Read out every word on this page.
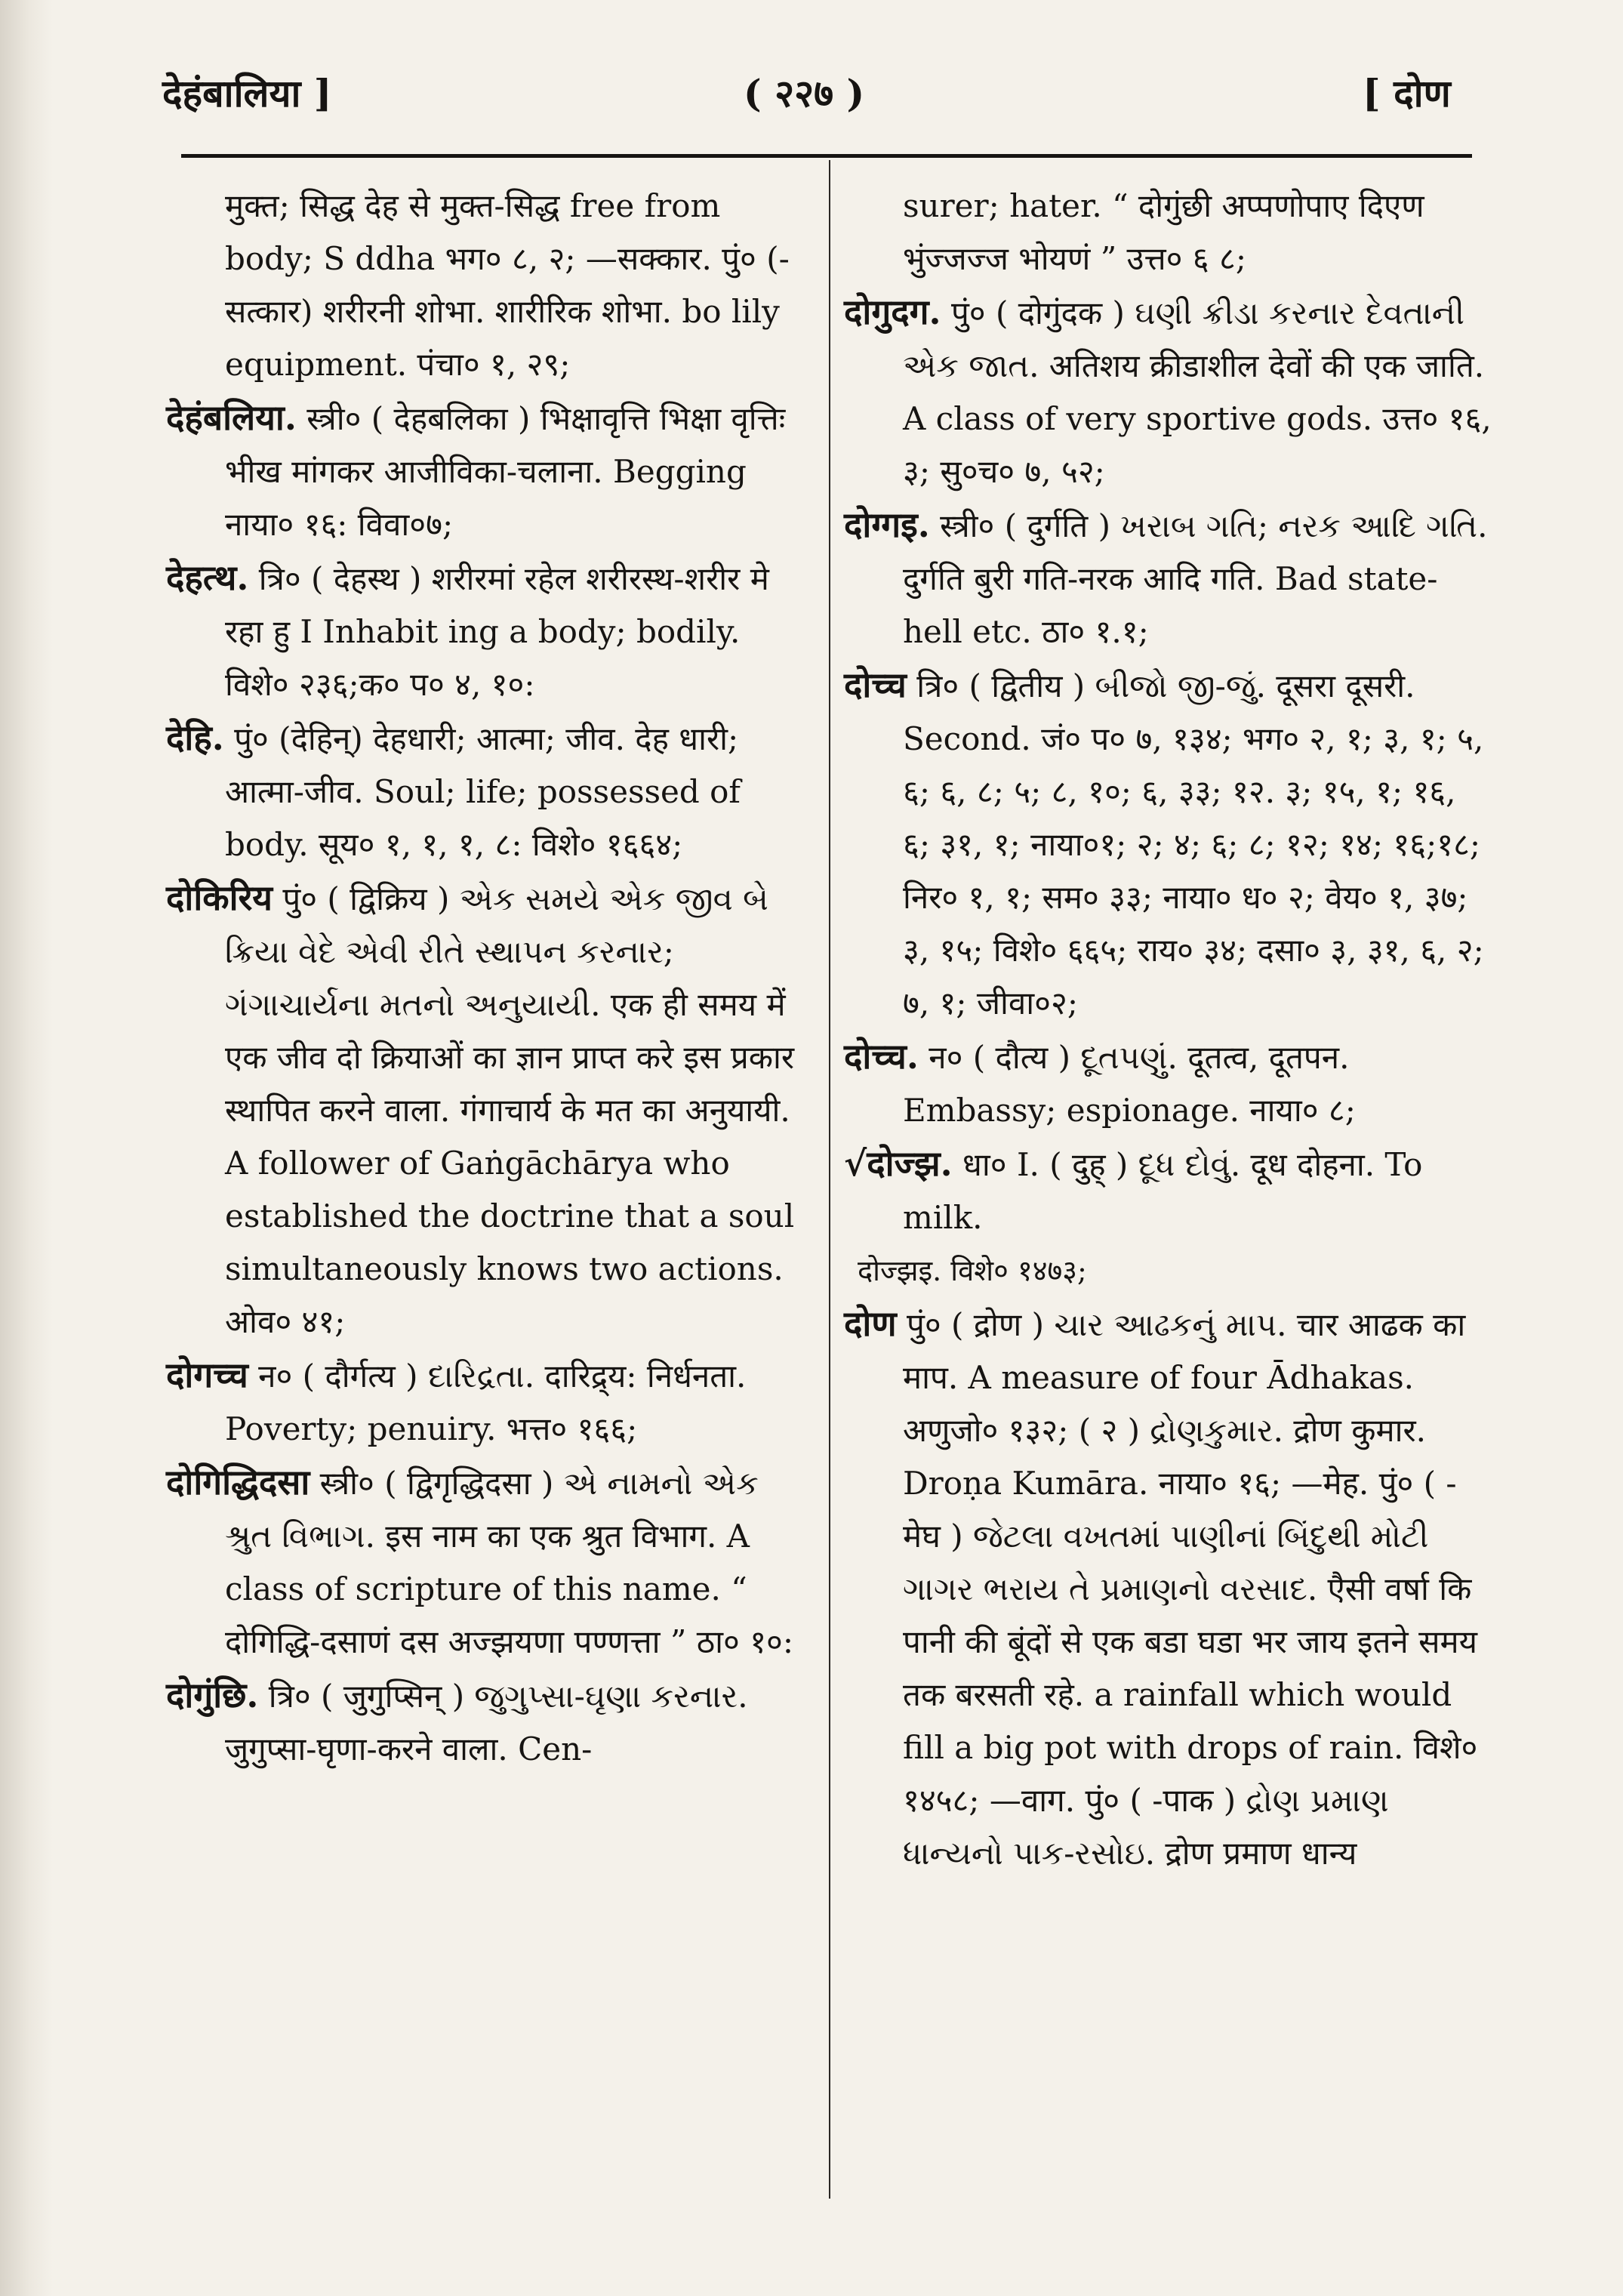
देहंबालिया ]	( २२७ )	[ दोण

मुक्त; सिद्ध देह से मुक्त-सिद्ध free from body; S ddha भग० ८, २; —सक्कार. पुं० (-सत्कार) शरीरनी शोभा. शारीरिक शोभा. bo lily equipment. पंचा० १, २९;

देहंबलिया. स्त्री० ( देहबलिका ) भिक्षावृत्ति भिक्षा वृत्तिः भीख मांगकर आजीविका-चलाना. Begging नाया० १६: विवा०७;

देहत्थ. त्रि० ( देहस्थ ) शरीरमां रहेल शरीरस्थ-शरीर मे रहा हु I Inhabit ing a body; bodily. विशे० २३६;क० प० ४, १०:

देहि. पुं० (देहिन्) देहधारी; आत्मा; जीव. देह धारी; आत्मा-जीव. Soul; life; possessed of body. सूय० १, १, १, ८: विशे० १६६४;

दोकिरिय पुं० ( द्विक्रिय ) એક સમયે એક જીવ બે ક્રિયા વેદે એવી રીતે સ્થાપન કરનાર; ગંગાચાર્યના મતનો અનુયાયી. एक ही समय में एक जीव दो क्रियाओं का ज्ञान प्राप्त करे इस प्रकार स्थापित करने वाला. गंगाचार्य के मत का अनुयायी. A follower of Gaṅgāchārya who established the doctrine that a soul simultaneously knows two actions. ओव० ४१;

दोगच्च न० ( दौर्गत्य ) દારિદ્રતા. दारिद्र्य: निर्धनता. Poverty; penuiry. भत्त० १६६;

दोगिद्धिदसा स्त्री० ( द्विगृद्धिदसा ) એ નામનો એક શ્રુત વિભાગ. इस नाम का एक श्रुत विभाग. A class of scripture of this name. “ दोगिद्धि-दसाणं दस अज्झयणा पण्णत्ता ” ठा० १०:

दोगुंछि. त्रि० ( जुगुप्सिन् ) જુગુપ્સા-ઘૃણા કરનાર. जुगुप्सा-घृणा-करने वाला. Cen-

surer; hater. “ दोगुंछी अप्पणोपाए दिएण भुंज्जज्ज भोयणं ” उत्त० ६ ८;

दोगुदग. पुं० ( दोगुंदक ) ઘણી ક્રીડા કરનાર દેવતાની એક જાત. अतिशय क्रीडाशील देवों की एक जाति. A class of very sportive gods. उत्त० १६, ३; सु०च० ७, ५२;

दोग्गइ. स्त्री० ( दुर्गति ) ખરાબ ગતિ; નરક આદિ ગતિ. दुर्गति बुरी गति-नरक आदि गति. Bad state-hell etc. ठा० १.१;

दोच्च त्रि० ( द्वितीय ) બીજો જી-જું. दूसरा दूसरी. Second. जं० प० ७, १३४; भग० २, १; ३, १; ५, ६; ६, ८; ५; ८, १०; ६, ३३; १२. ३; १५, १; १६, ६; ३१, १; नाया०१; २; ४; ६; ८; १२; १४; १६;१८; निर० १, १; सम० ३३; नाया० ध० २; वेय० १, ३७; ३, १५; विशे० ६६५; राय० ३४; दसा० ३, ३१, ६, २; ७, १; जीवा०२;

दोच्च. न० ( दौत्य ) દૂતપણું. दूतत्व, दूतपन. Embassy; espionage. नाया० ८;

√दोज्झ. धा० I. ( दुह् ) દૂધ દોવું. दूध दोहना. To milk.

दोज्झइ. विशे० १४७३;

दोण पुं० ( द्रोण ) ચાર આઢકનું માપ. चार आढक का माप. A measure of four Ādhakas. अणुजो० १३२; ( २ ) દ્રોણકુમાર. द्रोण कुमार. Droṇa Kumāra. नाया० १६; —मेह. पुं० ( -मेघ ) જેટલા વખતમાં પાણીનાં બિંદુથી મોટી ગાગર ભરાય તે પ્રમાણનો વરસાદ. एैसी वर्षा कि पानी की बूंदों से एक बडा घडा भर जाय इतने समय तक बरसती रहे. a rainfall which would fill a big pot with drops of rain. विशे० १४५८; —वाग. पुं० ( -पाक ) દ્રોણ પ્રમાણ ધાન્યનો પાક-રસોઇ. द्रोण प्रमाण धान्य
